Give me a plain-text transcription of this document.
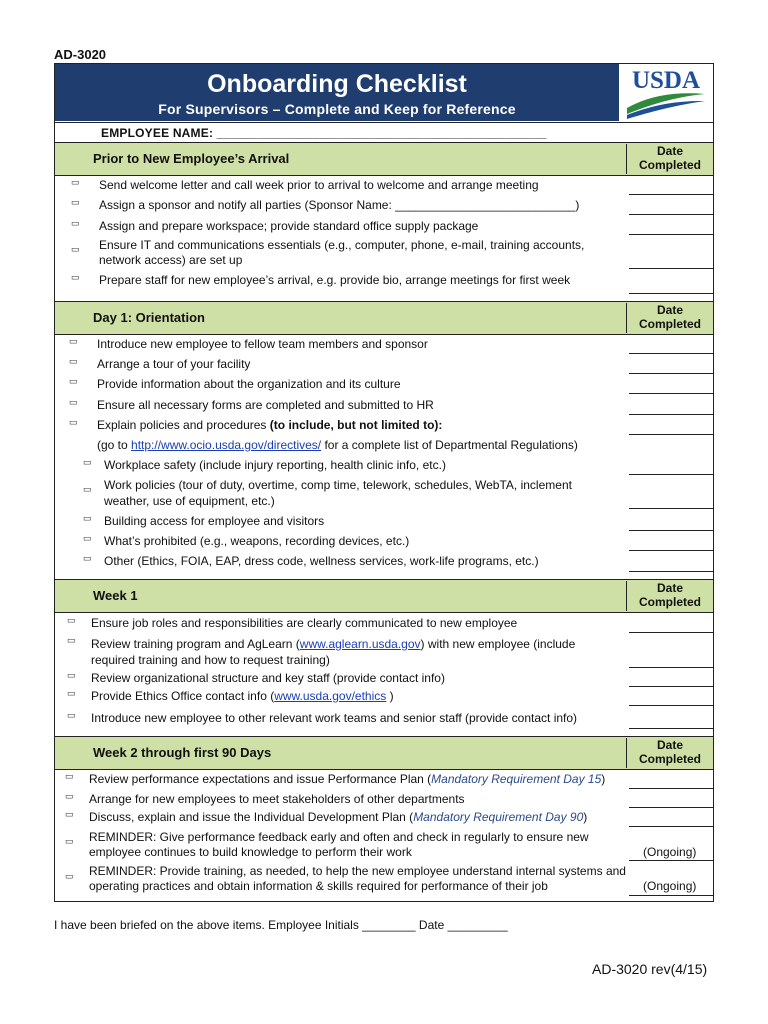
AD-3020
Onboarding Checklist
For Supervisors – Complete and Keep for Reference
USDA
EMPLOYEE NAME: ________________________________________________
Prior to New Employee’s Arrival	Date
Completed
▭ Send welcome letter and call week prior to arrival to welcome and arrange meeting
▭ Assign a sponsor and notify all parties (Sponsor Name: ___________________________)
▭ Assign and prepare workspace; provide standard office supply package
▭ Ensure IT and communications essentials (e.g., computer, phone, e-mail, training accounts, network access) are set up
▭ Prepare staff for new employee’s arrival, e.g. provide bio, arrange meetings for first week
Day 1: Orientation	Date
Completed
▭ Introduce new employee to fellow team members and sponsor
▭ Arrange a tour of your facility
▭ Provide information about the organization and its culture
▭ Ensure all necessary forms are completed and submitted to HR
▭ Explain policies and procedures (to include, but not limited to):
(go to http://www.ocio.usda.gov/directives/ for a complete list of Departmental Regulations)
▭ Workplace safety (include injury reporting, health clinic info, etc.)
▭ Work policies (tour of duty, overtime, comp time, telework, schedules, WebTA, inclement weather, use of equipment, etc.)
▭ Building access for employee and visitors
▭ What’s prohibited (e.g., weapons, recording devices, etc.)
▭ Other (Ethics, FOIA, EAP, dress code, wellness services, work-life programs, etc.)
Week 1	Date
Completed
▭ Ensure job roles and responsibilities are clearly communicated to new employee
▭ Review training program and AgLearn (www.aglearn.usda.gov) with new employee (include required training and how to request training)
▭ Review organizational structure and key staff (provide contact info)
▭ Provide Ethics Office contact info (www.usda.gov/ethics )
▭ Introduce new employee to other relevant work teams and senior staff (provide contact info)
Week 2 through first 90 Days	Date
Completed
▭ Review performance expectations and issue Performance Plan (Mandatory Requirement Day 15)
▭ Arrange for new employees to meet stakeholders of other departments
▭ Discuss, explain and issue the Individual Development Plan (Mandatory Requirement Day 90)
▭ REMINDER: Give performance feedback early and often and check in regularly to ensure new employee continues to build knowledge to perform their work	(Ongoing)
▭ REMINDER: Provide training, as needed, to help the new employee understand internal systems and operating practices and obtain information & skills required for performance of their job	(Ongoing)
I have been briefed on the above items. Employee Initials ________ Date _________
AD-3020 rev(4/15)
